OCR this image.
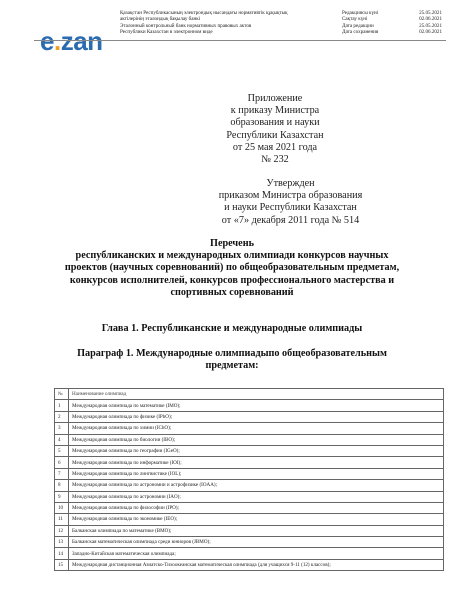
e.zan
Қазақстан Республикасының электрондық нысандағы нормативтік құқықтық
актілерінің эталондық бақылау банкі
Эталонный контрольный банк нормативных правовых актов
Республики Казахстан в электронном виде
Редакциясы күні	25.05.2021
Сақтау күні	02.06.2021
Дата редакции	25.05.2021
Дата сохранения	02.06.2021
Приложение
к приказу Министра
образования и науки
Республики Казахстан
от 25 мая 2021 года
№ 232
Утвержден
приказом Министра образования
и науки Республики Казахстан
от «7» декабря 2011 года № 514
Перечень
республиканских и международных олимпиади конкурсов научных
проектов (научных соревнований) по общеобразовательным предметам,
конкурсов исполнителей, конкурсов профессионального мастерства и
спортивных соревнований
Глава 1. Республиканские и международные олимпиады
Параграф 1. Международные олимпиадыпо общеобразовательным
предметам:
№	Наименование олимпиад
1	Международная олимпиада по математике (IMO);
2	Международная олимпиада по физике (IPhO);
3	Международная олимпиада по химии (IChO);
4	Международная олимпиада по биологии (IBO);
5	Международная олимпиада по географии (IGeO);
6	Международная олимпиада по информатике (IOI);
7	Международная олимпиада по лингвистике (IOL);
8	Международная олимпиада по астрономии и астрофизике (IOAA);
9	Международная олимпиада по астрономии (IAO);
10	Международная олимпиада по философии (IPO);
11	Международная олимпиада по экономике (IEO);
12	Балканская олимпиада по математике (BMO);
13	Балканская математическая олимпиада среди юниоров (JBMO);
14	Западно-Китайская математическая олимпиада;
15	Международная дистанционная Азиатско-Тихоокеанская математическая олимпиада (для учащихся 9-11 (12) классов);
